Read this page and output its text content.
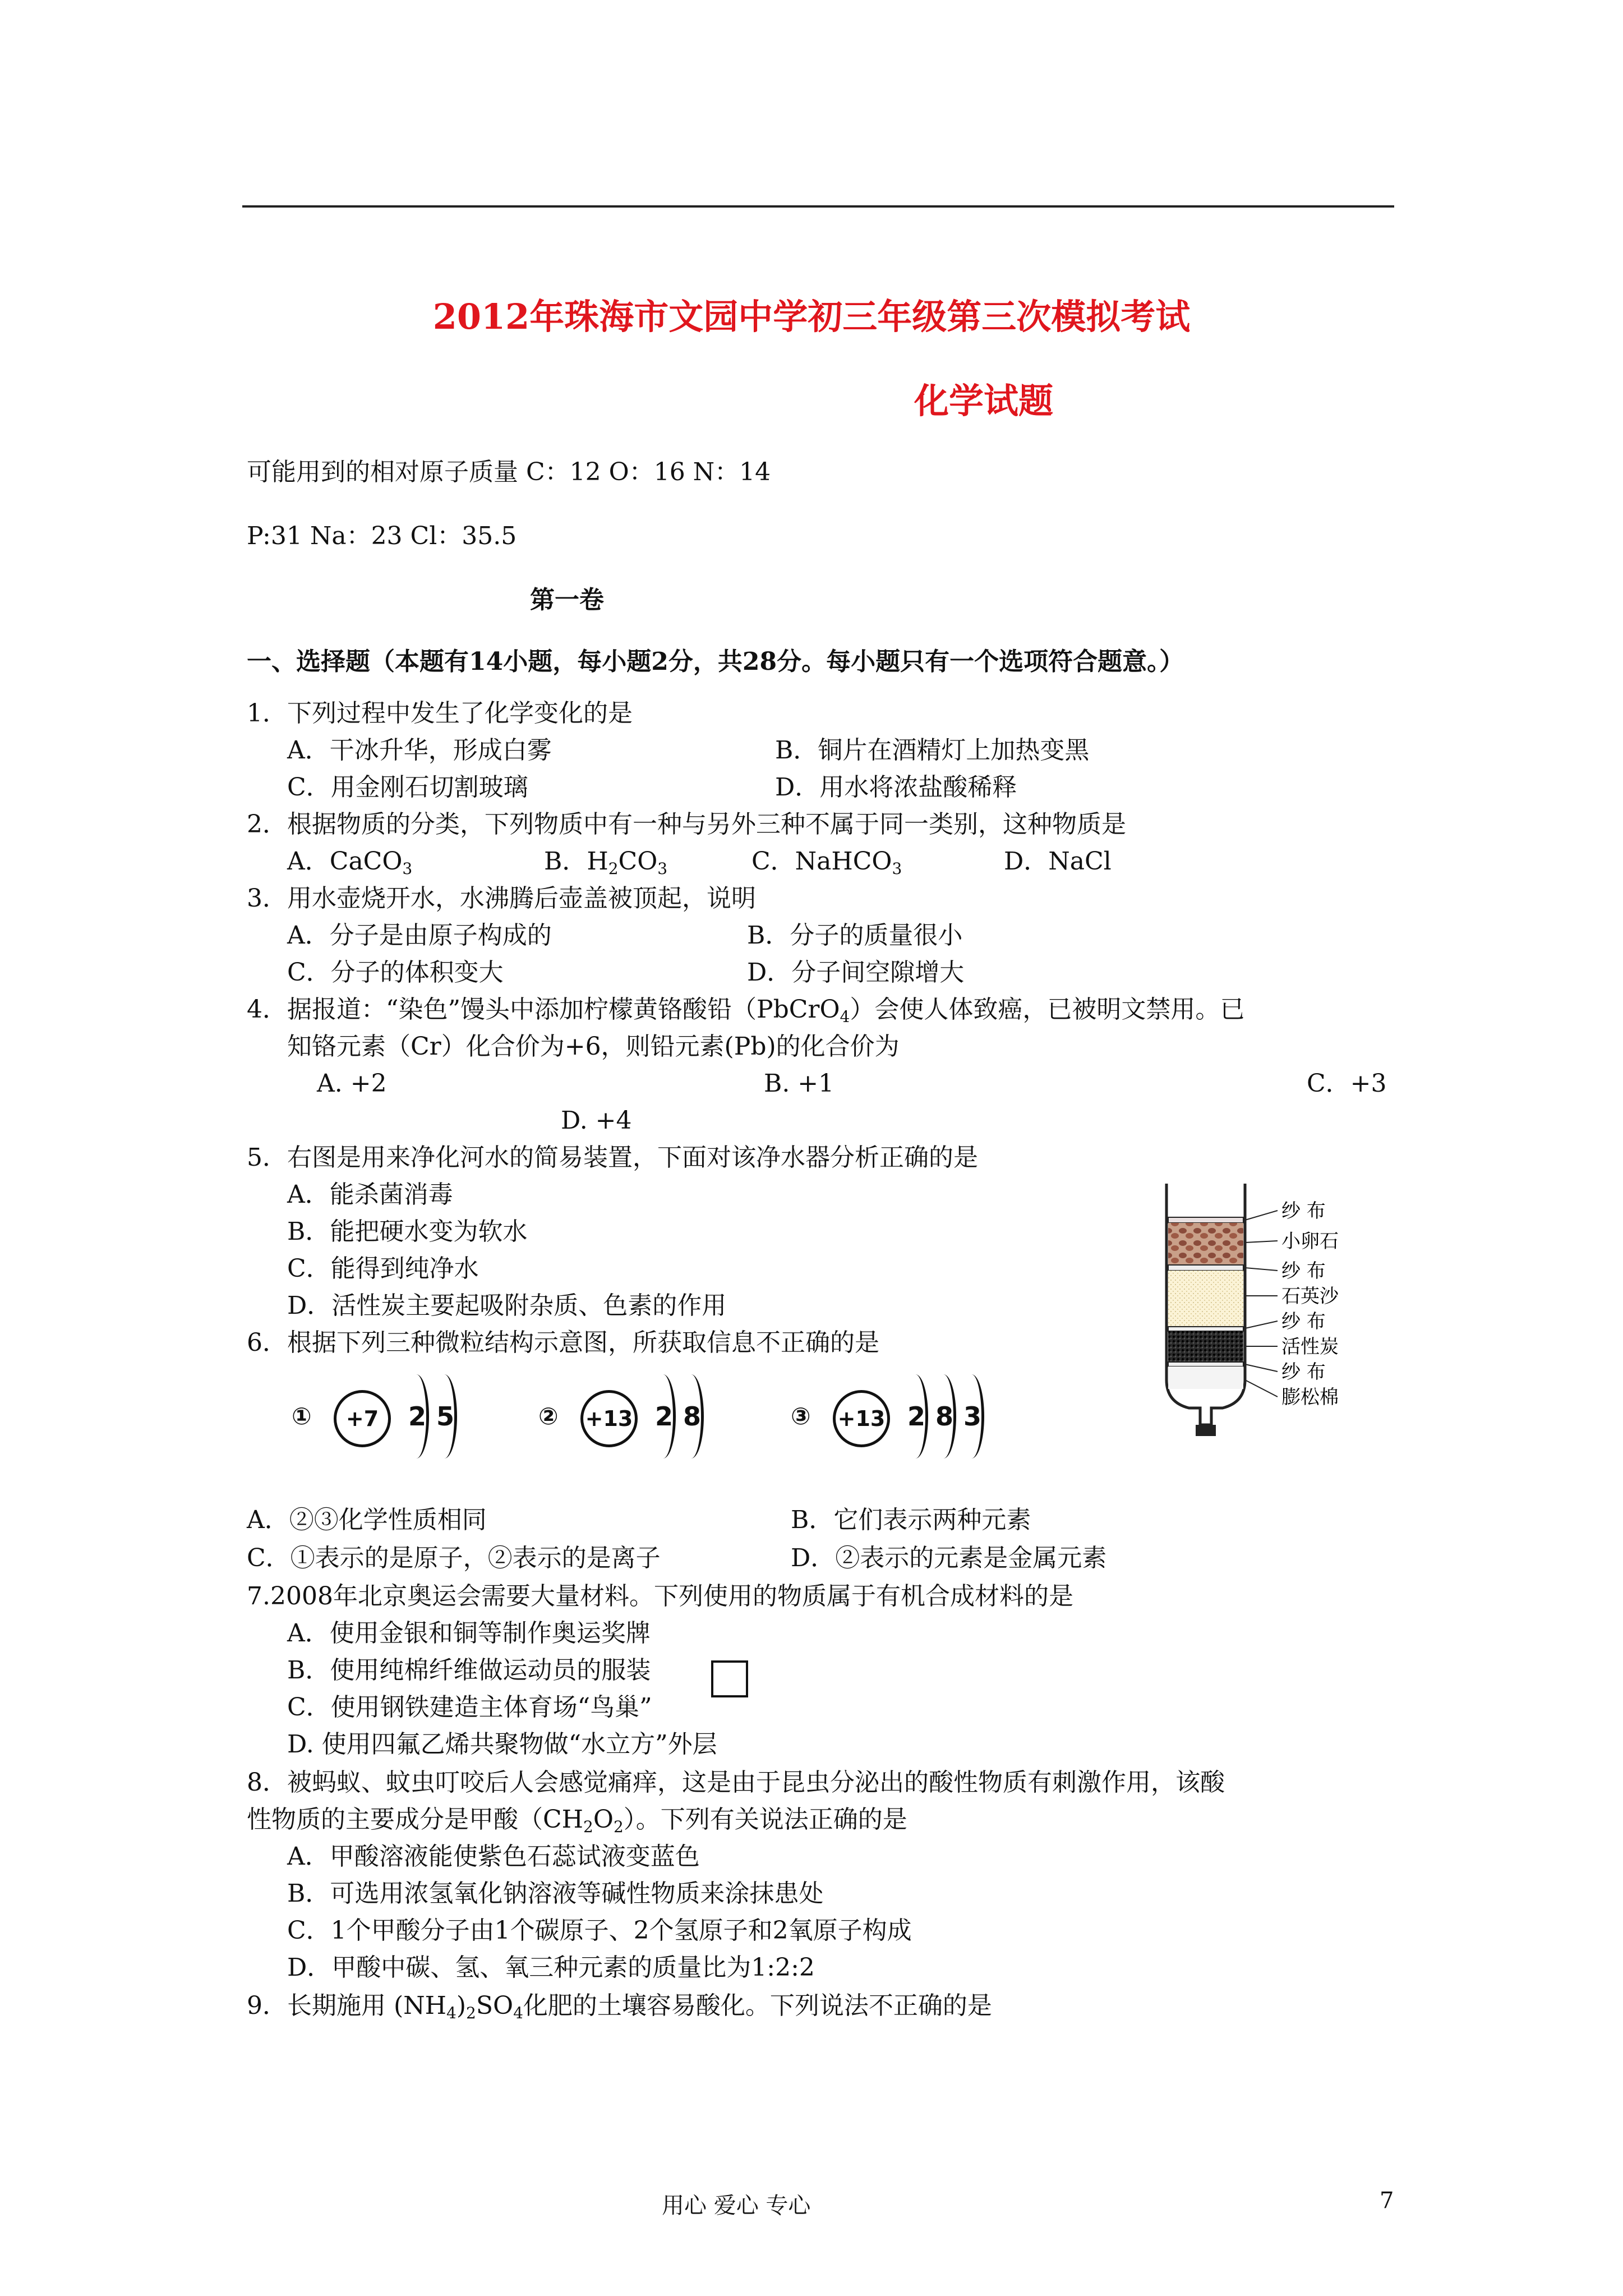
2012年珠海市文园中学初三年级第三次模拟考试
化学试题
可能用到的相对原子质量 C：12 O：16 N：14
P:31 Na：23 Cl：35.5
第一卷
一、选择题（本题有14小题，每小题2分，共28分。每小题只有一个选项符合题意。）
1．下列过程中发生了化学变化的是
A．干冰升华，形成白雾	B．铜片在酒精灯上加热变黑
C．用金刚石切割玻璃	D．用水将浓盐酸稀释
2．根据物质的分类，下列物质中有一种与另外三种不属于同一类别，这种物质是
A．CaCO$_3$	B．$H_2CO_3$	C．NaHCO$_3$	D．NaCl
3．用水壶烧开水，水沸腾后壶盖被顶起，说明
A．分子是由原子构成的	B．分子的质量很小
C．分子的体积变大	D．分子间空隙增大
4．据报道：“染色”馒头中添加柠檬黄铬酸铅（PbCrO$_4$）会使人体致癌，已被明文禁用。已
知铬元素（Cr）化合价为+6，则铅元素(Pb)的化合价为
A. +2	B. +1	C．+3
D. +4
5．右图是用来净化河水的简易装置，下面对该净水器分析正确的是
A．能杀菌消毒
B．能把硬水变为软水
C．能得到纯净水
D．活性炭主要起吸附杂质、色素的作用
纱 布
小卵石
纱 布
石英沙
纱 布
活性炭
纱 布
膨松棉
6．根据下列三种微粒结构示意图，所获取信息不正确的是
①	+7	2 5	② +13 2 8	③ +13 2 8 3
A．②③化学性质相同	B．它们表示两种元素
C．①表示的是原子，②表示的是离子	D．②表示的元素是金属元素
7.2008年北京奥运会需要大量材料。下列使用的物质属于有机合成材料的是
A．使用金银和铜等制作奥运奖牌
B．使用纯棉纤维做运动员的服装
C．使用钢铁建造主体育场“鸟巢”
D. 使用四氟乙烯共聚物做“水立方”外层
8．被蚂蚁、蚊虫叮咬后人会感觉痛痒，这是由于昆虫分泌出的酸性物质有刺激作用，该酸
性物质的主要成分是甲酸$(CH_2O_2)$。下列有关说法正确的是
A．甲酸溶液能使紫色石蕊试液变蓝色
B．可选用浓氢氧化钠溶液等碱性物质来涂抹患处
C．1个甲酸分子由1个碳原子、2个氢原子和2氧原子构成
D．甲酸中碳、氢、氧三种元素的质量比为1:2:2
9．长期施用 $(NH_4)_2SO_4$化肥的土壤容易酸化。下列说法不正确的是
用心 爱心 专心	7
